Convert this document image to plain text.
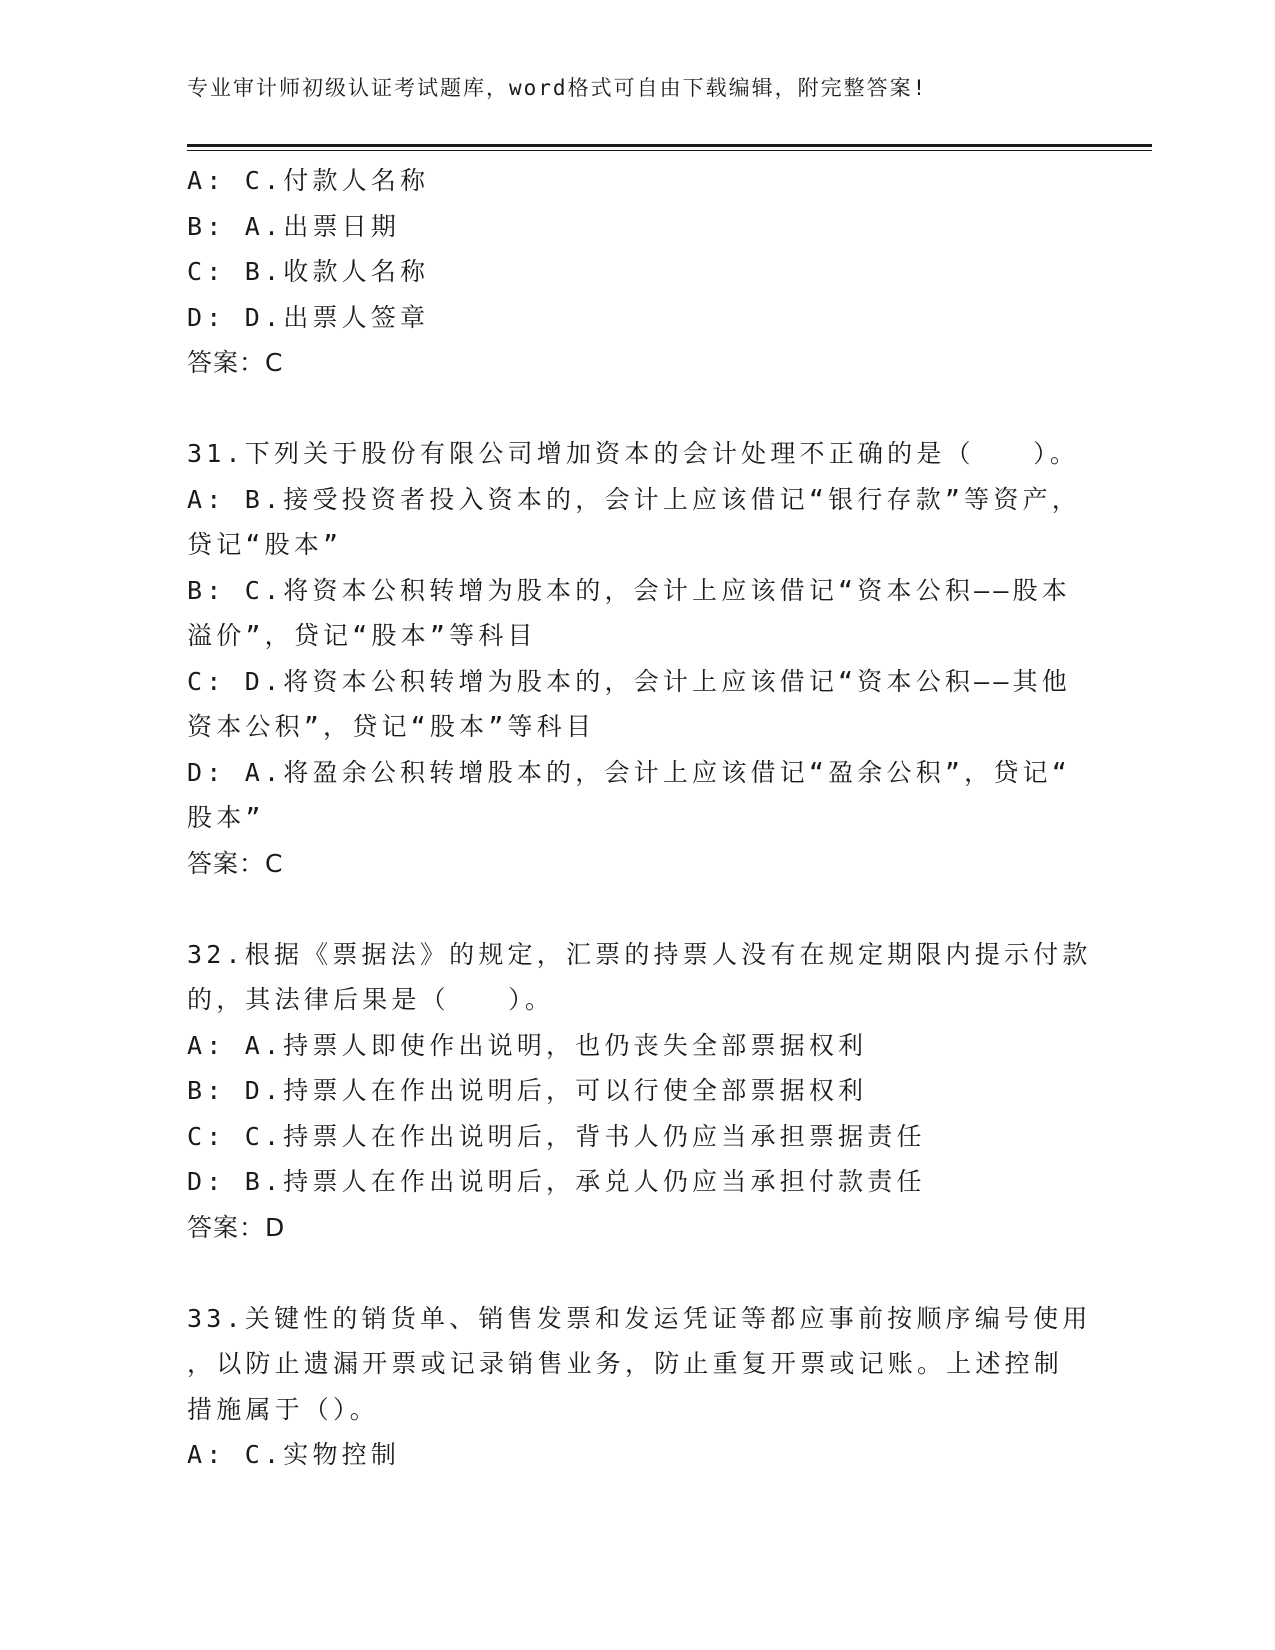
专业审计师初级认证考试题库，word格式可自由下载编辑，附完整答案!
A: C.付款人名称
B: A.出票日期
C: B.收款人名称
D: D.出票人签章
答案：C
31.下列关于股份有限公司增加资本的会计处理不正确的是（　　）。
A: B.接受投资者投入资本的，会计上应该借记“银行存款”等资产，
贷记“股本”
B: C.将资本公积转增为股本的，会计上应该借记“资本公积——股本
溢价”，贷记“股本”等科目
C: D.将资本公积转增为股本的，会计上应该借记“资本公积——其他
资本公积”，贷记“股本”等科目
D: A.将盈余公积转增股本的，会计上应该借记“盈余公积”，贷记“
股本”
答案：C
32.根据《票据法》的规定，汇票的持票人没有在规定期限内提示付款
的，其法律后果是（　　）。
A: A.持票人即使作出说明，也仍丧失全部票据权利
B: D.持票人在作出说明后，可以行使全部票据权利
C: C.持票人在作出说明后，背书人仍应当承担票据责任
D: B.持票人在作出说明后，承兑人仍应当承担付款责任
答案：D
33.关键性的销货单、销售发票和发运凭证等都应事前按顺序编号使用
，以防止遗漏开票或记录销售业务，防止重复开票或记账。上述控制
措施属于（）。
A: C.实物控制
